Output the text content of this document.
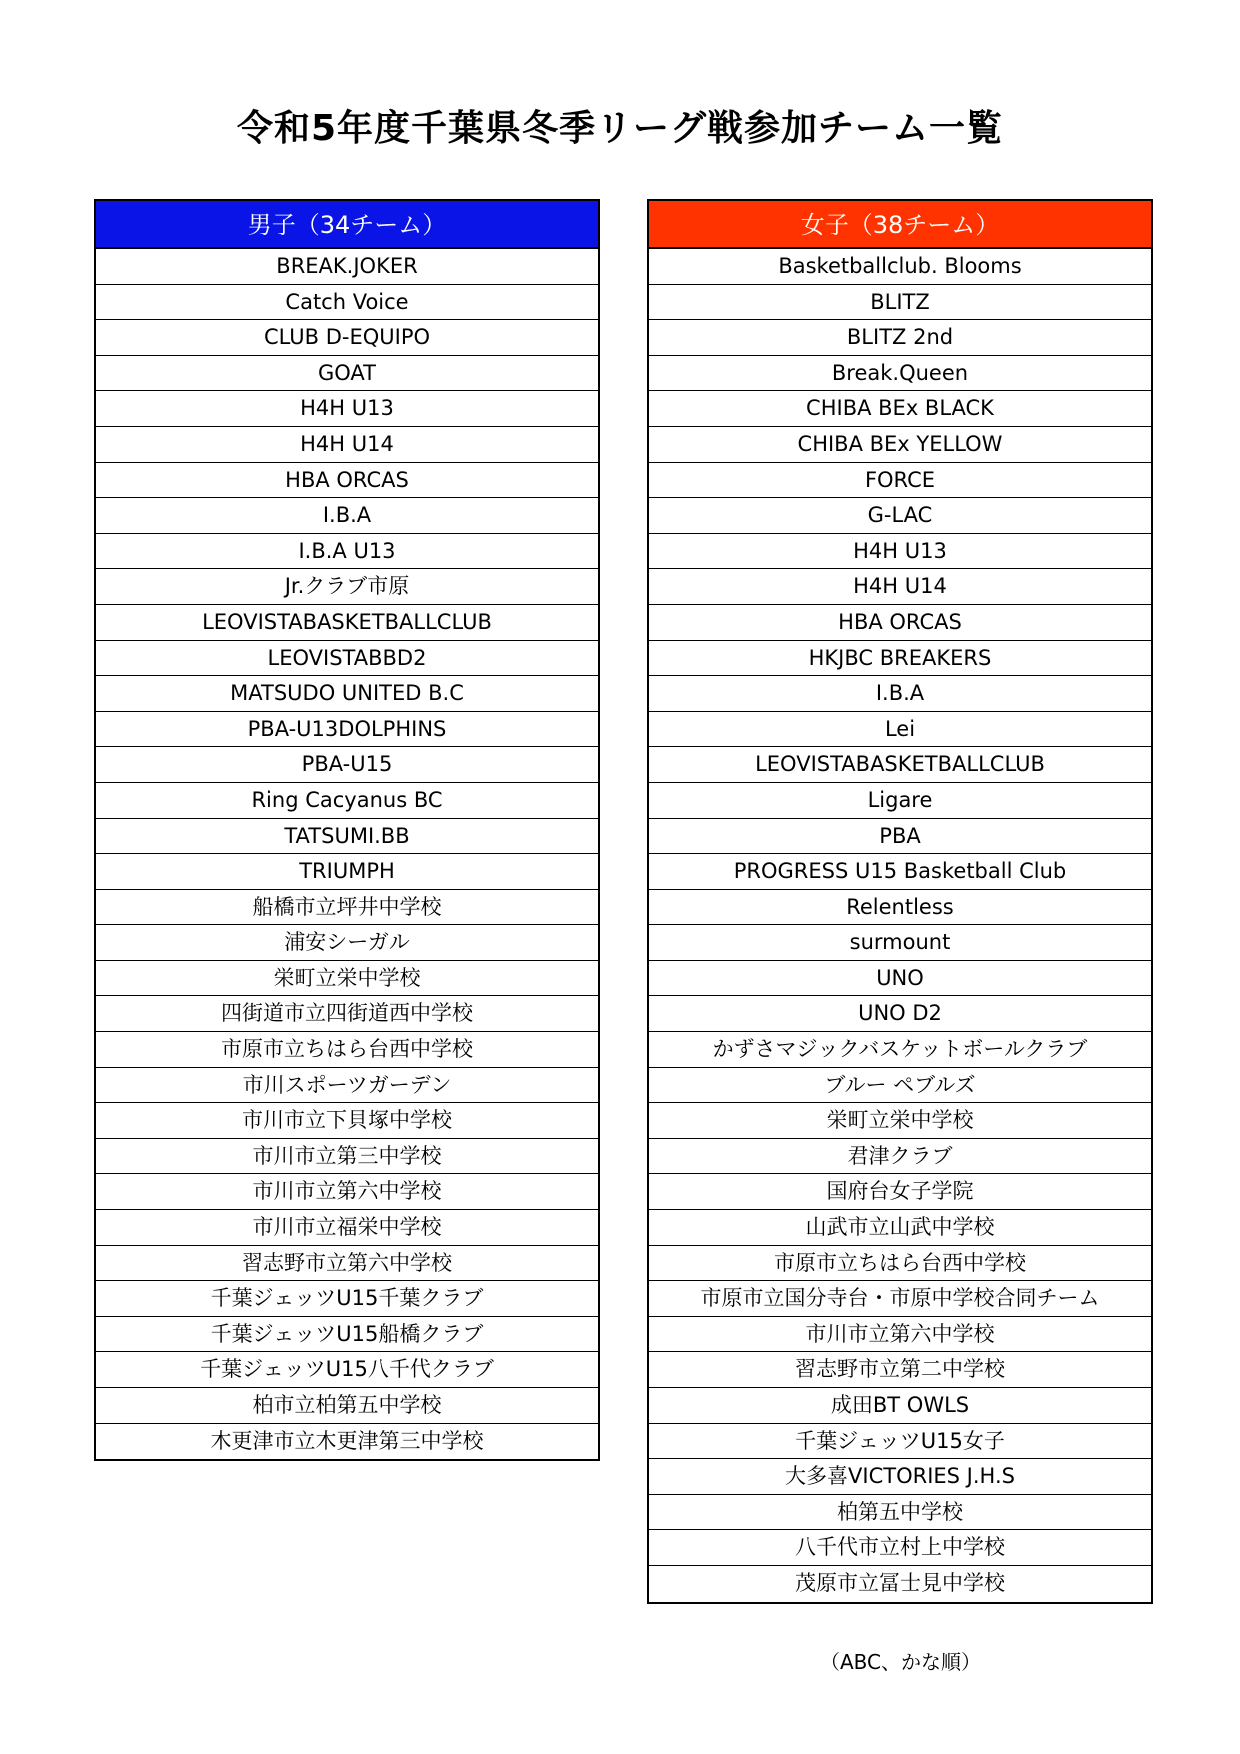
令和5年度千葉県冬季リーグ戦参加チーム一覧
男子（34チーム）
BREAK.JOKER
Catch Voice
CLUB D-EQUIPO
GOAT
H4H U13
H4H U14
HBA ORCAS
I.B.A
I.B.A U13
Jr.クラブ市原
LEOVISTABASKETBALLCLUB
LEOVISTABBD2
MATSUDO UNITED B.C
PBA-U13DOLPHINS
PBA-U15
Ring Cacyanus BC
TATSUMI.BB
TRIUMPH
船橋市立坪井中学校
浦安シーガル
栄町立栄中学校
四街道市立四街道西中学校
市原市立ちはら台西中学校
市川スポーツガーデン
市川市立下貝塚中学校
市川市立第三中学校
市川市立第六中学校
市川市立福栄中学校
習志野市立第六中学校
千葉ジェッツU15千葉クラブ
千葉ジェッツU15船橋クラブ
千葉ジェッツU15八千代クラブ
柏市立柏第五中学校
木更津市立木更津第三中学校
女子（38チーム）
Basketballclub. Blooms
BLITZ
BLITZ 2nd
Break.Queen
CHIBA BEx BLACK
CHIBA BEx YELLOW
FORCE
G-LAC
H4H U13
H4H U14
HBA ORCAS
HKJBC BREAKERS
I.B.A
Lei
LEOVISTABASKETBALLCLUB
Ligare
PBA
PROGRESS U15 Basketball Club
Relentless
surmount
UNO
UNO D2
かずさマジックバスケットボールクラブ
ブルー ペブルズ
栄町立栄中学校
君津クラブ
国府台女子学院
山武市立山武中学校
市原市立ちはら台西中学校
市原市立国分寺台・市原中学校合同チーム
市川市立第六中学校
習志野市立第二中学校
成田BT OWLS
千葉ジェッツU15女子
大多喜VICTORIES J.H.S
柏第五中学校
八千代市立村上中学校
茂原市立冨士見中学校
（ABC、かな順）
